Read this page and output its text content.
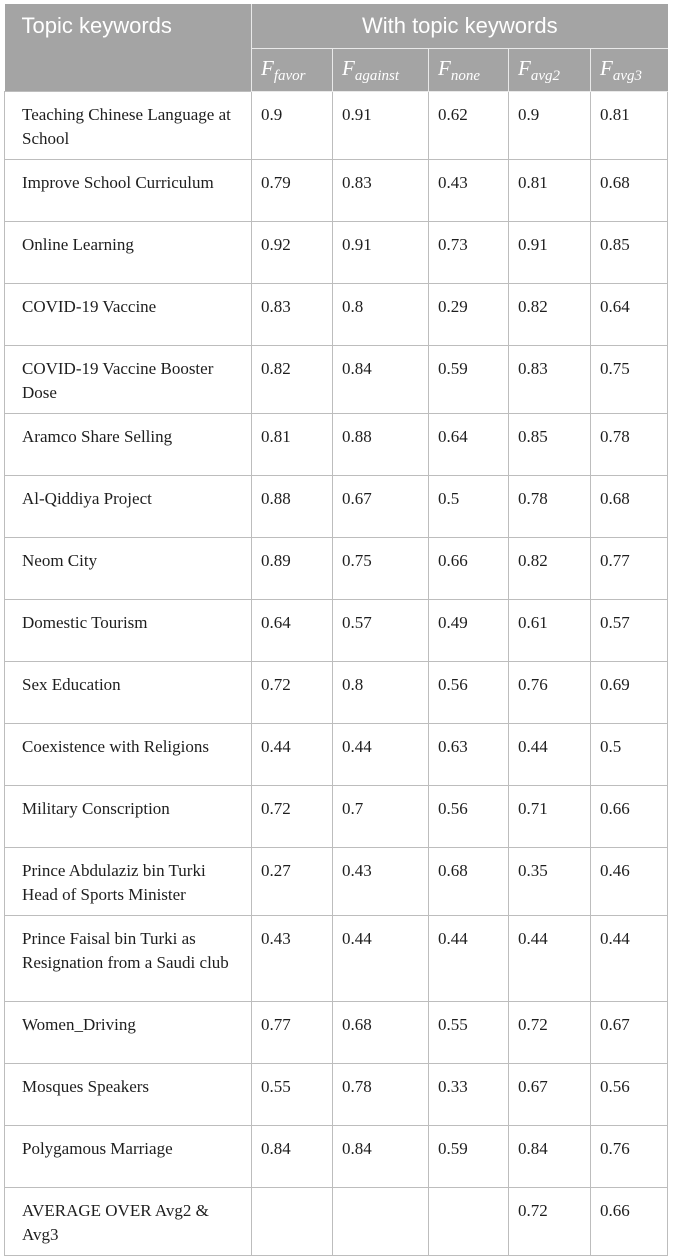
Topic keywords	With topic keywords				
	$F_{favor}$	$F_{against}$	$F_{none}$	$F_{avg2}$	$F_{avg3}$
Teaching Chinese Language at School	0.9	0.91	0.62	0.9	0.81
Improve School Curriculum	0.79	0.83	0.43	0.81	0.68
Online Learning	0.92	0.91	0.73	0.91	0.85
COVID-19 Vaccine	0.83	0.8	0.29	0.82	0.64
COVID-19 Vaccine Booster Dose	0.82	0.84	0.59	0.83	0.75
Aramco Share Selling	0.81	0.88	0.64	0.85	0.78
Al-Qiddiya Project	0.88	0.67	0.5	0.78	0.68
Neom City	0.89	0.75	0.66	0.82	0.77
Domestic Tourism	0.64	0.57	0.49	0.61	0.57
Sex Education	0.72	0.8	0.56	0.76	0.69
Coexistence with Religions	0.44	0.44	0.63	0.44	0.5
Military Conscription	0.72	0.7	0.56	0.71	0.66
Prince Abdulaziz bin Turki Head of Sports Minister	0.27	0.43	0.68	0.35	0.46
Prince Faisal bin Turki as Resignation from a Saudi club	0.43	0.44	0.44	0.44	0.44
Women_Driving	0.77	0.68	0.55	0.72	0.67
Mosques Speakers	0.55	0.78	0.33	0.67	0.56
Polygamous Marriage	0.84	0.84	0.59	0.84	0.76
AVERAGE OVER Avg2 & Avg3				0.72	0.66
